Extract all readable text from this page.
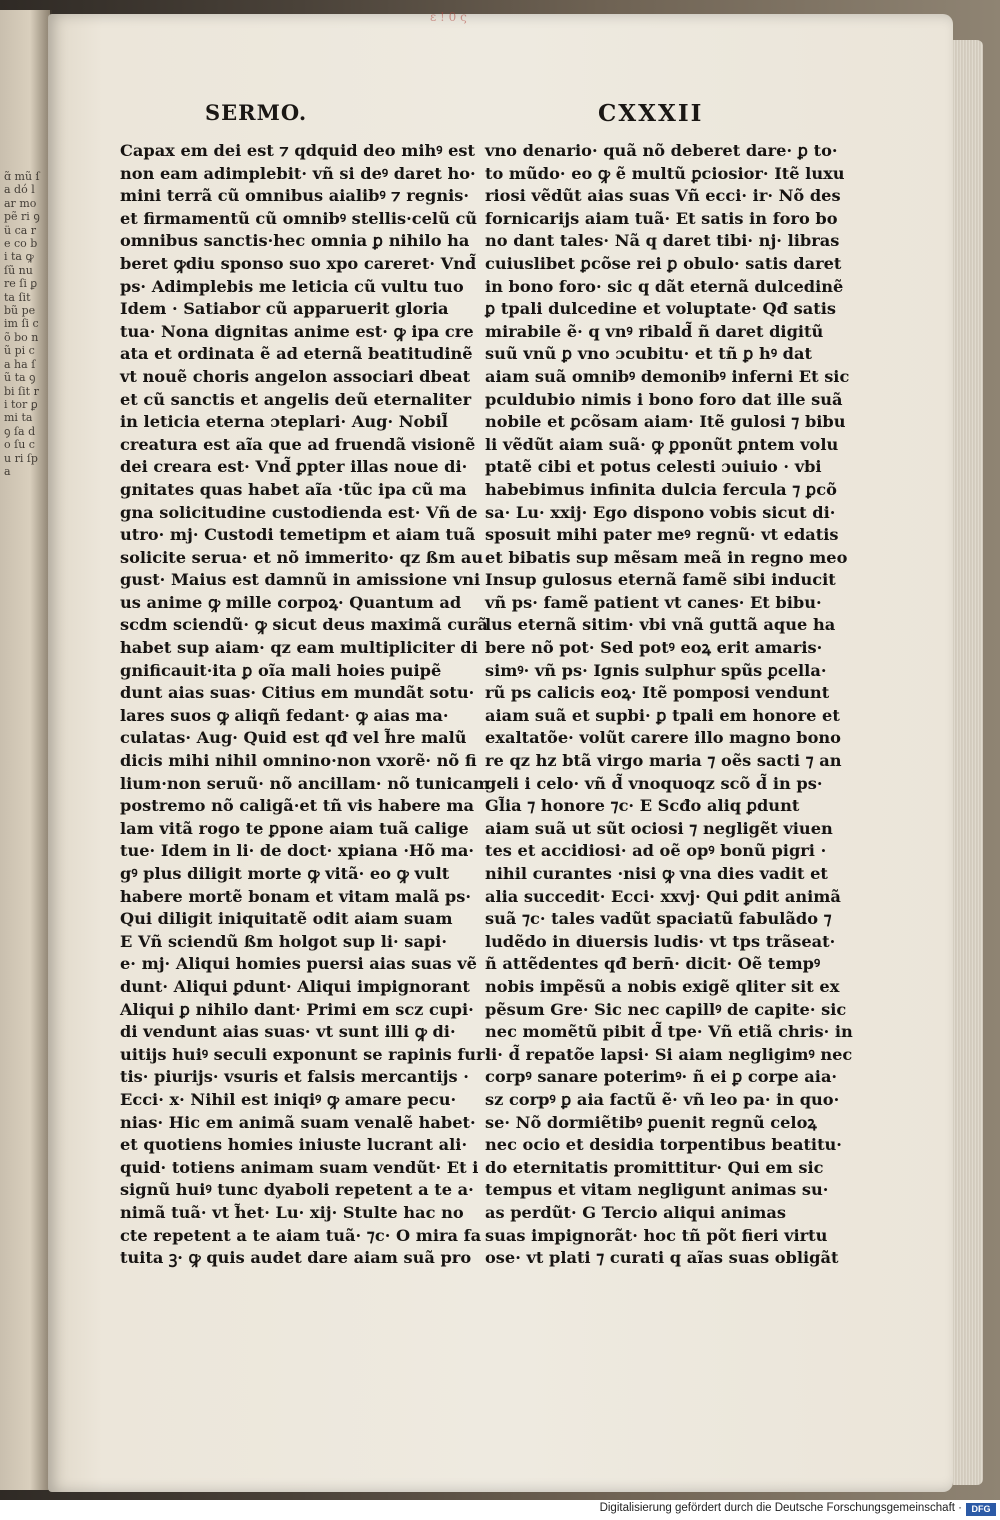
ɑ̃ mũ ſa dó lar mo pẽ ri ꝯ ü ca re co bi ta ꝙ ſũ nu re ſi ꝑ ta ſit bũ pe im ſi cõ bo nũ pi ca ha ſũ ta ꝯ bi ſit ri tor ꝑ mi ta ꝯ ſa do ſu cu ri ſpa
ε ! 0 ς
SERMO.	CXXXII
Capax em dei est ⁊ qdquid deo mihꝰ est
non eam adimplebit· vñ si deꝰ daret ho·
mini terrã cũ omnibus aialibꝰ ⁊ regnis·
et firmamentũ cũ omnibꝰ stellis·celũ cũ
omnibus sanctis·hec omnia ꝑ nihilo ha
beret ꝙdiu sponso suo xpo careret· Vnd̃
ps· Adimplebis me leticia cũ vultu tuo
Idem · Satiabor cũ apparuerit gloria
tua· Nona dignitas anime est· ꝙ ipa cre
ata et ordinata ẽ ad eternã beatitudinẽ
vt nouẽ choris angelon associari dbeat
et cũ sanctis et angelis deũ eternaliter
in leticia eterna ɔteplari· Aug· Nobil̃
creatura est aĩa que ad fruendã visionẽ
dei creara est· Vnd̃ ꝑpter illas noue di·
gnitates quas habet aĩa ·tũc ipa cũ ma
gna solicitudine custodienda est· Vñ de
utro· mj· Custodi temetipm et aiam tuã
solicite serua· et nõ immerito· qz ßm au
gust· Maius est damnũ in amissione vni
us anime ꝙ mille corpoꝝ· Quantum ad
scdm sciendũ· ꝙ sicut deus maximã curã
habet sup aiam· qz eam multipliciter di
gnificauit·ita ꝑ oĩa mali hoies puipẽ
dunt aias suas· Citius em mundãt sotu·
lares suos ꝙ aliqñ fedant· ꝙ aias ma·
culatas· Aug· Quid est qđ vel h̃re malũ
dicis mihi nihil omnino·non vxorẽ· nõ fi
lium·non seruũ· nõ ancillam· nõ tunicam
postremo nõ caligã·et tñ vis habere ma
lam vitã rogo te ꝑpone aiam tuã calige
tue· Idem in li· de doct· xpiana ·Hõ ma·
gꝰ plus diligit morte ꝙ vitã· eo ꝙ vult
habere mortẽ bonam et vitam malã ps·
Qui diligit iniquitatẽ odit aiam suam
E Vñ sciendũ ßm holgot sup li· sapi·
e· mj· Aliqui homies puersi aias suas vẽ
dunt· Aliqui ꝑdunt· Aliqui impignorant
Aliqui ꝑ nihilo dant· Primi em scz cupi·
di vendunt aias suas· vt sunt illi ꝙ di·
uitijs huiꝰ seculi exponunt se rapinis fur·
tis· piurijs· vsuris et falsis mercantijs ·
Ecci· x· Nihil est iniqiꝰ ꝙ amare pecu·
nias· Hic em animã suam venalẽ habet·
et quotiens homies iniuste lucrant ali·
quid· totiens animam suam vendũt· Et i
signũ huiꝰ tunc dyaboli repetent a te a·
nimã tuã· vt h̃et· Lu· xij· Stulte hac no
cte repetent a te aiam tuã· ⁊c· O mira fa
tuita ꝫ· ꝙ quis audet dare aiam suã pro
vno denario· quã nõ deberet dare· ꝑ to·
to mũdo· eo ꝙ ẽ multũ ꝑciosior· Itẽ luxu
riosi vẽdũt aias suas Vñ ecci· ir· Nõ des
fornicarijs aiam tuã· Et satis in foro bo
no dant tales· Nã q daret tibi· nj· libras
cuiuslibet ꝑcõse rei ꝑ obulo· satis daret
in bono foro· sic q dãt eternã dulcedinẽ
ꝑ tpali dulcedine et voluptate· Qđ satis
mirabile ẽ· q vnꝰ ribald̃ ñ daret digitũ
suũ vnũ ꝑ vno ɔcubitu· et tñ ꝑ hꝰ dat
aiam suã omnibꝰ demonibꝰ inferni Et sic
pculdubio nimis i bono foro dat ille suã
nobile et ꝑcõsam aiam· Itẽ gulosi ⁊ bibu
li vẽdũt aiam suã· ꝙ ꝑponũt ꝑntem volu
ptatẽ cibi et potus celesti ɔuiuio · vbi
habebimus infinita dulcia fercula ⁊ ꝑcõ
sa· Lu· xxij· Ego dispono vobis sicut di·
sposuit mihi pater meꝰ regnũ· vt edatis
et bibatis sup mẽsam meã in regno meo
Insup gulosus eternã famẽ sibi inducit
vñ ps· famẽ patient vt canes· Et bibu·
lus eternã sitim· vbi vnã guttã aque ha
bere nõ pot· Sed potꝰ eoꝝ erit amaris·
simꝰ· vñ ps· Ignis sulphur spũs ꝑcella·
rũ ps calicis eoꝝ· Itẽ pomposi vendunt
aiam suã et supbi· ꝑ tpali em honore et
exaltatõe· volũt carere illo magno bono
re qz hz btã virgo maria ⁊ oẽs sacti ⁊ an
geli i celo· vñ d̃ vnoquoqz scõ d̃ in ps·
Gl̃ia ⁊ honore ⁊c· E Scđo aliq ꝑdunt
aiam suã ut sũt ociosi ⁊ negligẽt viuen
tes et accidiosi· ad oẽ opꝰ bonũ pigri ·
nihil curantes ·nisi ꝙ vna dies vadit et
alia succedit· Ecci· xxvj· Qui ꝑdit animã
suã ⁊c· tales vadũt spaciatũ fabulãdo ⁊
ludẽdo in diuersis ludis· vt tps trãseat·
ñ attẽdentes qđ bern̄· dicit· Oẽ tempꝰ
nobis impẽsũ a nobis exigẽ qliter sit ex
pẽsum Gre· Sic nec capillꝰ de capite· sic
nec momẽtũ pibit d̃ tpe· Vñ etiã chris· in
li· d̃ repatõe lapsi· Si aiam negligimꝰ nec
corpꝰ sanare poterimꝰ· ñ ei ꝑ corpe aia·
sz corpꝰ ꝑ aia factũ ẽ· vñ leo pa· in quo·
se· Nõ dormiẽtibꝰ ꝑuenit regnũ celoꝝ
nec ocio et desidia torpentibus beatitu·
do eternitatis promittitur· Qui em sic
tempus et vitam negligunt animas su·
as perdũt· G Tercio aliqui animas
suas impignorãt· hoc tñ põt fieri virtu
ose· vt plati ⁊ curati q aĩas suas obligãt
Digitalisierung gefördert durch die Deutsche Forschungsgemeinschaft ·	DFG
